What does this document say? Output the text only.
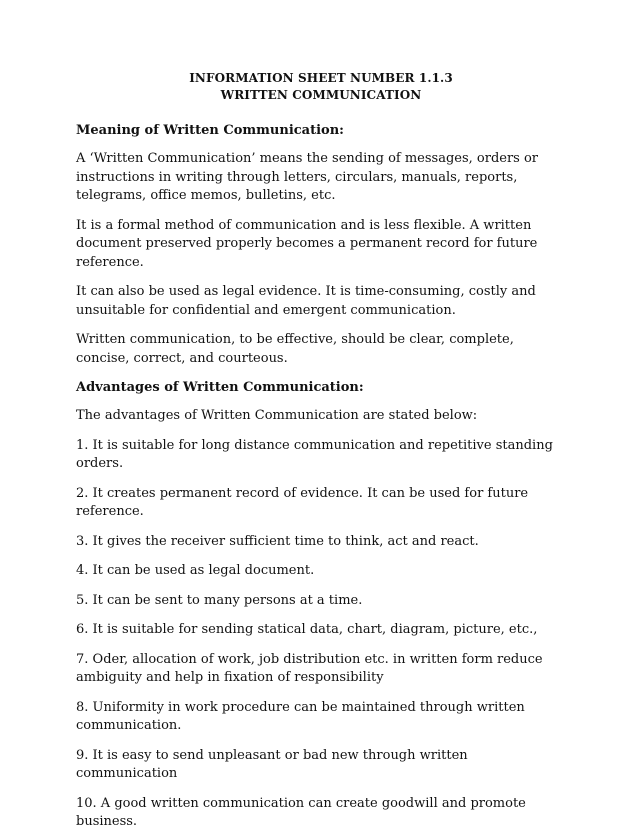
INFORMATION SHEET NUMBER 1.1.3
WRITTEN COMMUNICATION
Meaning of Written Communication:

A ‘Written Communication’ means the sending of messages, orders or instructions in writing through letters, circulars, manuals, reports, telegrams, office memos, bulletins, etc.

It is a formal method of communication and is less flexible. A written document preserved properly becomes a permanent record for future reference.

It can also be used as legal evidence. It is time-consuming, costly and unsuitable for confidential and emergent communication.

Written communication, to be effective, should be clear, complete, concise, correct, and courteous.

Advantages of Written Communication:

The advantages of Written Communication are stated below:

1. It is suitable for long distance communication and repetitive standing orders.
2. It creates permanent record of evidence. It can be used for future reference.
3. It gives the receiver sufficient time to think, act and react.
4. It can be used as legal document.
5. It can be sent to many persons at a time.
6. It is suitable for sending statical data, chart, diagram, picture, etc.,
7. Oder, allocation of work, job distribution etc. in written form reduce ambiguity and help in fixation of responsibility
8. Uniformity in work procedure can be maintained through written communication.
9. It is easy to send unpleasant or bad new through written communication
10. A good written communication can create goodwill and promote business.
